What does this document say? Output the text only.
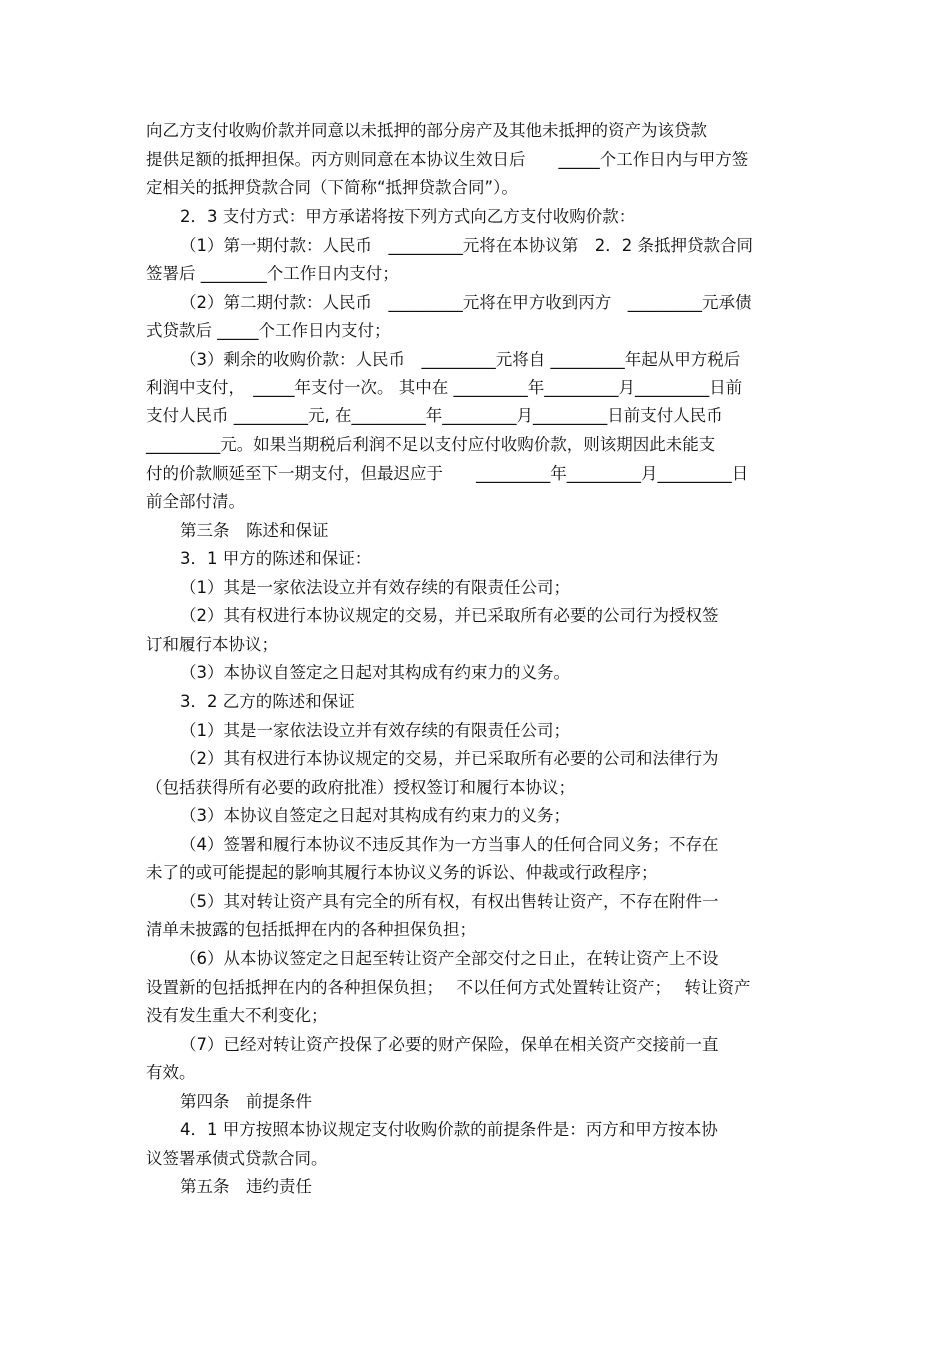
向乙方支付收购价款并同意以未抵押的部分房产及其他未抵押的资产为该贷款
提供足额的抵押担保。丙方则同意在本协议生效日后　　_____个工作日内与甲方签
定相关的抵押贷款合同（下简称“抵押贷款合同”）。
2．3 支付方式：甲方承诺将按下列方式向乙方支付收购价款：
（1）第一期付款：人民币　_________元将在本协议第　2．2 条抵押贷款合同
签署后 ________个工作日内支付；
（2）第二期付款：人民币　_________元将在甲方收到丙方　_________元承债
式贷款后 _____个工作日内支付；
（3）剩余的收购价款：人民币　_________元将自 _________年起从甲方税后
利润中支付，　_____年支付一次。 其中在 _________年_________月_________日前
支付人民币 _________元, 在_________年_________月_________日前支付人民币
_________元。如果当期税后利润不足以支付应付收购价款，则该期因此未能支
付的价款顺延至下一期支付，但最迟应于　　_________年_________月_________日
前全部付清。
第三条　陈述和保证
3．1 甲方的陈述和保证：
（1）其是一家依法设立并有效存续的有限责任公司；
（2）其有权进行本协议规定的交易，并已采取所有必要的公司行为授权签
订和履行本协议；
（3）本协议自签定之日起对其构成有约束力的义务。
3．2 乙方的陈述和保证
（1）其是一家依法设立并有效存续的有限责任公司；
（2）其有权进行本协议规定的交易，并已采取所有必要的公司和法律行为
（包括获得所有必要的政府批准）授权签订和履行本协议；
（3）本协议自签定之日起对其构成有约束力的义务；
（4）签署和履行本协议不违反其作为一方当事人的任何合同义务；不存在
未了的或可能提起的影响其履行本协议义务的诉讼、仲裁或行政程序；
（5）其对转让资产具有完全的所有权，有权出售转让资产，不存在附件一
清单未披露的包括抵押在内的各种担保负担；
（6）从本协议签定之日起至转让资产全部交付之日止，在转让资产上不设
设置新的包括抵押在内的各种担保负担；　 不以任何方式处置转让资产；　 转让资产
没有发生重大不利变化；
（7）已经对转让资产投保了必要的财产保险，保单在相关资产交接前一直
有效。
第四条　前提条件
4．1 甲方按照本协议规定支付收购价款的前提条件是：丙方和甲方按本协
议签署承债式贷款合同。
第五条　违约责任
